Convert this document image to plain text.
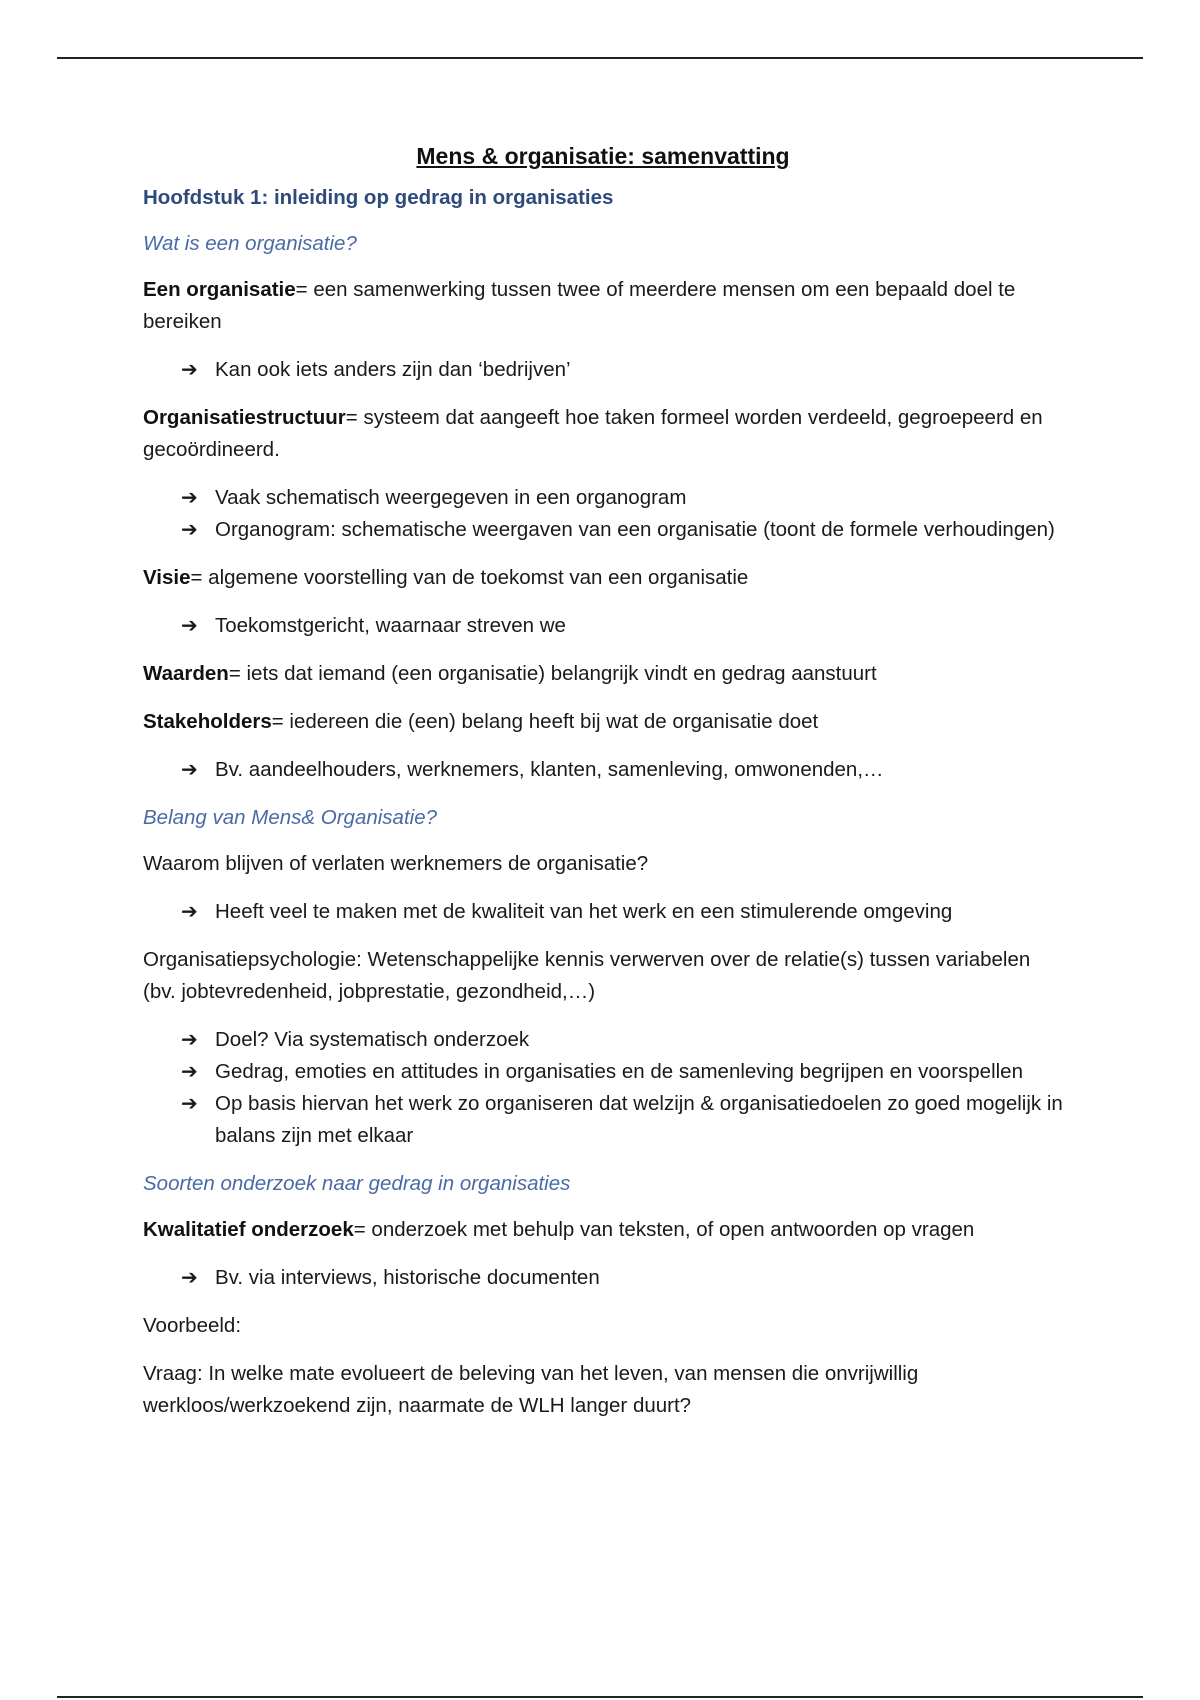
Mens & organisatie: samenvatting
Hoofdstuk 1: inleiding op gedrag in organisaties
Wat is een organisatie?
Een organisatie= een samenwerking tussen twee of meerdere mensen om een bepaald doel te bereiken
➔ Kan ook iets anders zijn dan ‘bedrijven’
Organisatiestructuur= systeem dat aangeeft hoe taken formeel worden verdeeld, gegroepeerd en gecoördineerd.
➔ Vaak schematisch weergegeven in een organogram
➔ Organogram: schematische weergaven van een organisatie (toont de formele verhoudingen)
Visie= algemene voorstelling van de toekomst van een organisatie
➔ Toekomstgericht, waarnaar streven we
Waarden= iets dat iemand (een organisatie) belangrijk vindt en gedrag aanstuurt
Stakeholders= iedereen die (een) belang heeft bij wat de organisatie doet
➔ Bv. aandeelhouders, werknemers, klanten, samenleving, omwonenden,…
Belang van Mens& Organisatie?
Waarom blijven of verlaten werknemers de organisatie?
➔ Heeft veel te maken met de kwaliteit van het werk en een stimulerende omgeving
Organisatiepsychologie: Wetenschappelijke kennis verwerven over de relatie(s) tussen variabelen (bv. jobtevredenheid, jobprestatie, gezondheid,…)
➔ Doel? Via systematisch onderzoek
➔ Gedrag, emoties en attitudes in organisaties en de samenleving begrijpen en voorspellen
➔ Op basis hiervan het werk zo organiseren dat welzijn & organisatiedoelen zo goed mogelijk in balans zijn met elkaar
Soorten onderzoek naar gedrag in organisaties
Kwalitatief onderzoek= onderzoek met behulp van teksten, of open antwoorden op vragen
➔ Bv. via interviews, historische documenten
Voorbeeld:
Vraag: In welke mate evolueert de beleving van het leven, van mensen die onvrijwillig werkloos/werkzoekend zijn, naarmate de WLH langer duurt?
